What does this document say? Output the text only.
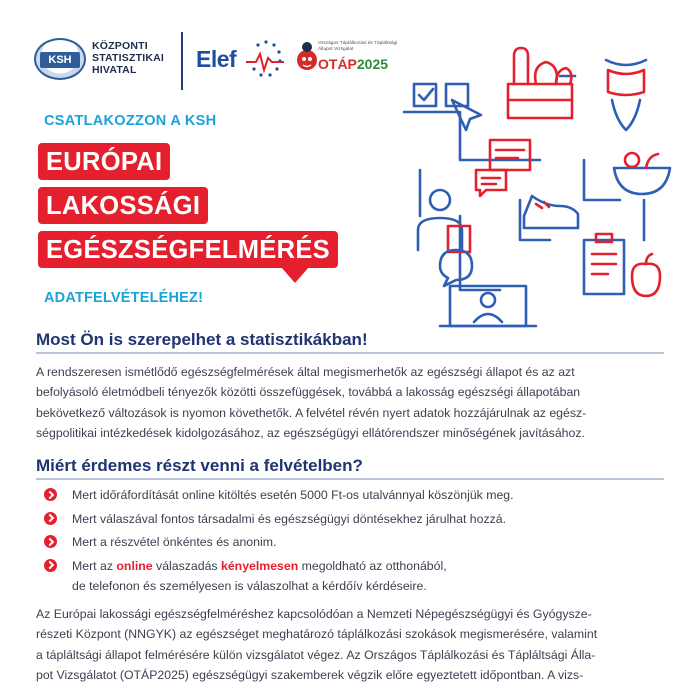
KSH
KÖZPONTI
STATISZTIKAI
HIVATAL	Elef
Országos Táplálkozási és Tápláltsági Állapot Vizsgálat
OTÁP2025
CSATLAKOZZON A KSH
EURÓPAI
LAKOSSÁGI
EGÉSZSÉGFELMÉRÉS
ADATFELVÉTELÉHEZ!
Most Ön is szerepelhet a statisztikákban!
A rendszeresen ismétlődő egészségfelmérések által megismerhetők az egészségi állapot és az azt
befolyásoló életmódbeli tényezők közötti összefüggések, továbbá a lakosság egészségi állapotában
bekövetkező változások is nyomon követhetők. A felvétel révén nyert adatok hozzájárulnak az egész-
ségpolitikai intézkedések kidolgozásához, az egészségügyi ellátórendszer minőségének javításához.
Miért érdemes részt venni a felvételben?
Mert időráfordítását online kitöltés esetén 5000 Ft-os utalvánnyal köszönjük meg.
Mert válaszával fontos társadalmi és egészségügyi döntésekhez járulhat hozzá.
Mert a részvétel önkéntes és anonim.
Mert az online válaszadás kényelmesen megoldható az otthonából,
de telefonon és személyesen is válaszolhat a kérdőív kérdéseire.
Az Európai lakossági egészségfelméréshez kapcsolódóan a Nemzeti Népegészségügyi és Gyógysze-
részeti Központ (NNGYK) az egészséget meghatározó táplálkozási szokások megismerésére, valamint
a tápláltsági állapot felmérésére külön vizsgálatot végez. Az Országos Táplálkozási és Tápláltsági Álla-
pot Vizsgálatot (OTÁP2025) egészségügyi szakemberek végzik előre egyeztetett időpontban. A vizs-
